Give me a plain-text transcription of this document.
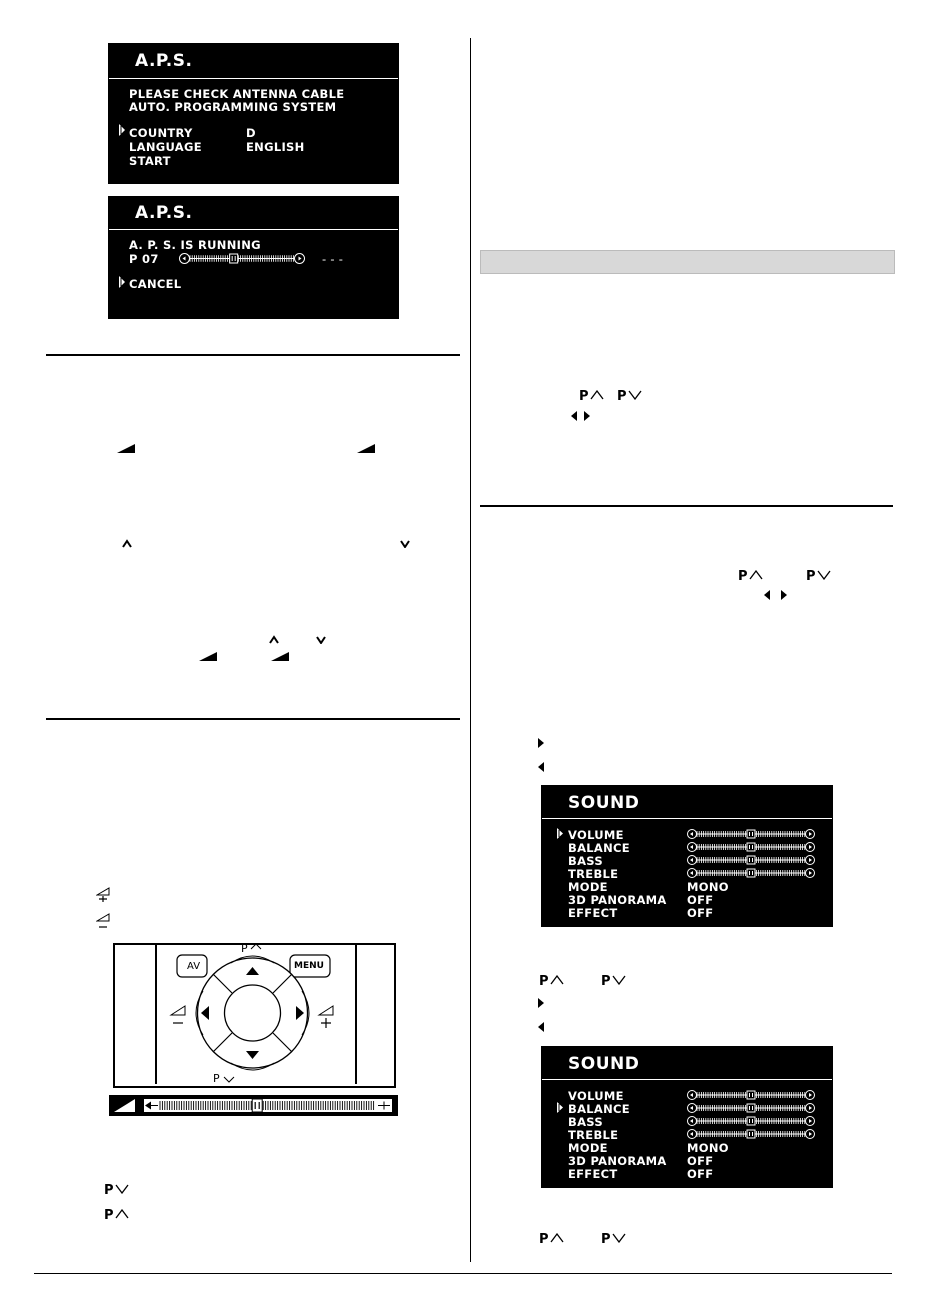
A.P.S.
PLEASE CHECK ANTENNA CABLE
AUTO. PROGRAMMING SYSTEM
COUNTRY	D
LANGUAGE	ENGLISH
START
A.P.S.
A. P. S. IS RUNNING
P 07	- - -
CANCEL
AV	MENU
P
P
P
P
P P
P	P
SOUND
VOLUME
BALANCE
BASS
TREBLE
MODE	MONO
3D PANORAMA OFF
EFFECT	OFF
P	P
SOUND
VOLUME
BALANCE
BASS
TREBLE
MODE	MONO
3D PANORAMA OFF
EFFECT	OFF
P	P
